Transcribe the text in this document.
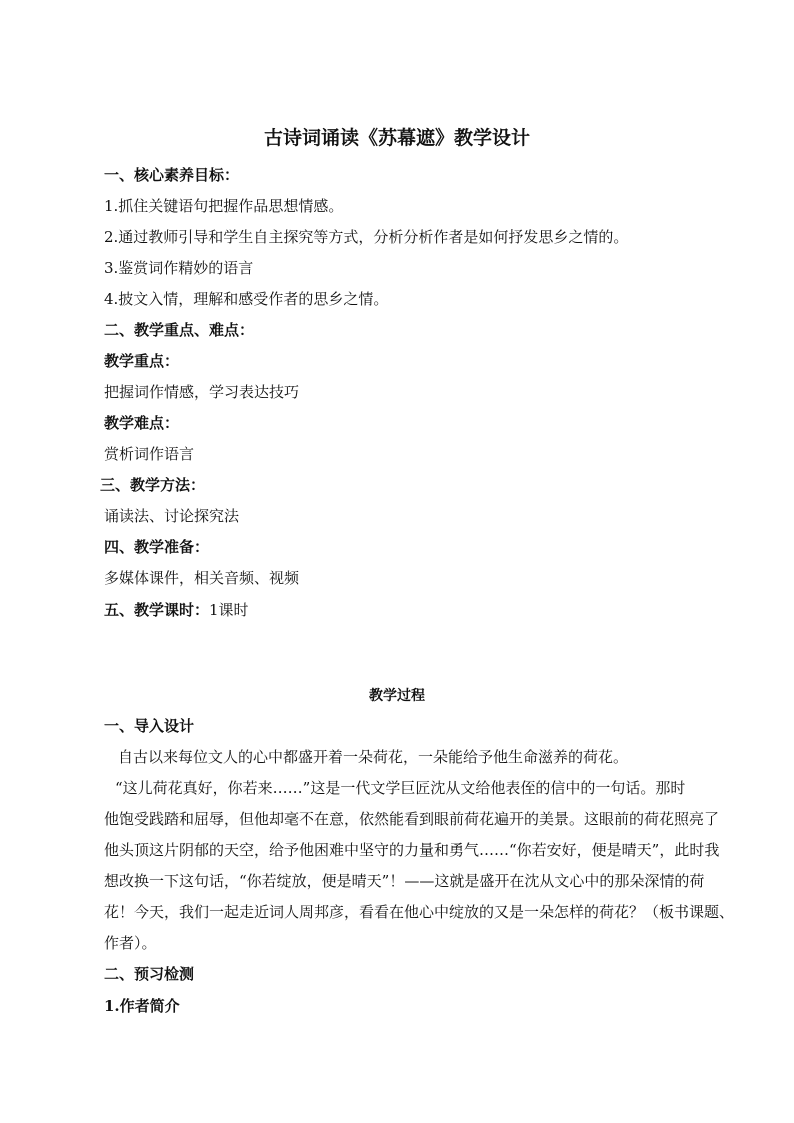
古诗词诵读《苏幕遮》教学设计
一、核心素养目标：
1.抓住关键语句把握作品思想情感。
2.通过教师引导和学生自主探究等方式，分析分析作者是如何抒发思乡之情的。
3.鉴赏词作精妙的语言
4.披文入情，理解和感受作者的思乡之情。
二、教学重点、难点：
教学重点：
把握词作情感，学习表达技巧
教学难点：
赏析词作语言
三、教学方法：
诵读法、讨论探究法
四、教学准备：
多媒体课件，相关音频、视频
五、教学课时：1课时
教学过程
一、导入设计
自古以来每位文人的心中都盛开着一朵荷花，一朵能给予他生命滋养的荷花。
“这儿荷花真好，你若来……”这是一代文学巨匠沈从文给他表侄的信中的一句话。那时
他饱受践踏和屈辱，但他却毫不在意，依然能看到眼前荷花遍开的美景。这眼前的荷花照亮了
他头顶这片阴郁的天空，给予他困难中坚守的力量和勇气……“你若安好，便是晴天”，此时我
想改换一下这句话，“你若绽放，便是晴天”！——这就是盛开在沈从文心中的那朵深情的荷
花！今天，我们一起走近词人周邦彦，看看在他心中绽放的又是一朵怎样的荷花？（板书课题、
作者）。
二、预习检测
1.作者简介
